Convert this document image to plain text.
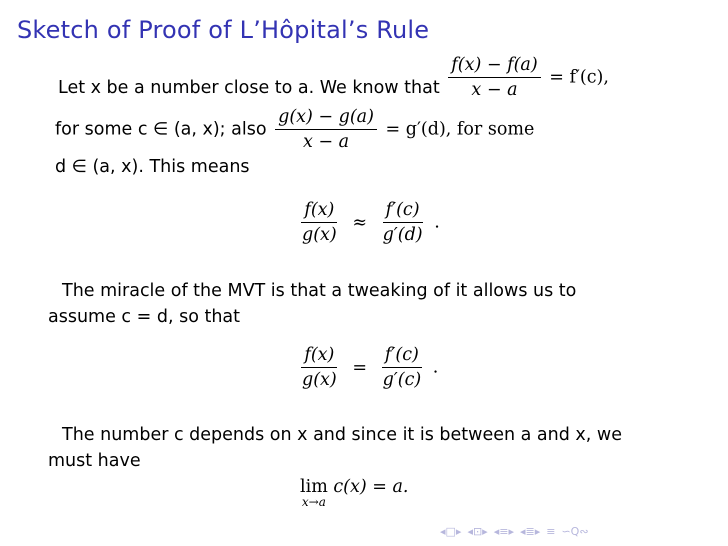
Sketch of Proof of L’Hôpital’s Rule
Let x be a number close to a. We know that $\frac{f(x) - f(a)}{x - a} = f'(c)$,
for some c ∈ (a, x); also $\frac{g(x) - g(a)}{x - a} = g'(d)$, for some
d ∈ (a, x). This means
$\frac{f(x)}{g(x)} \approx \frac{f'(c)}{g'(d)}$ .
The miracle of the MVT is that a tweaking of it allows us to
assume c = d, so that
$\frac{f(x)}{g(x)} = \frac{f'(c)}{g'(c)}$ .
The number c depends on x and since it is between a and x, we
must have
lim
x→a
c(x) = a.
◂□▸ ◂⊡▸ ◂≡▸ ◂≣▸ ≡ ∽Q∾
